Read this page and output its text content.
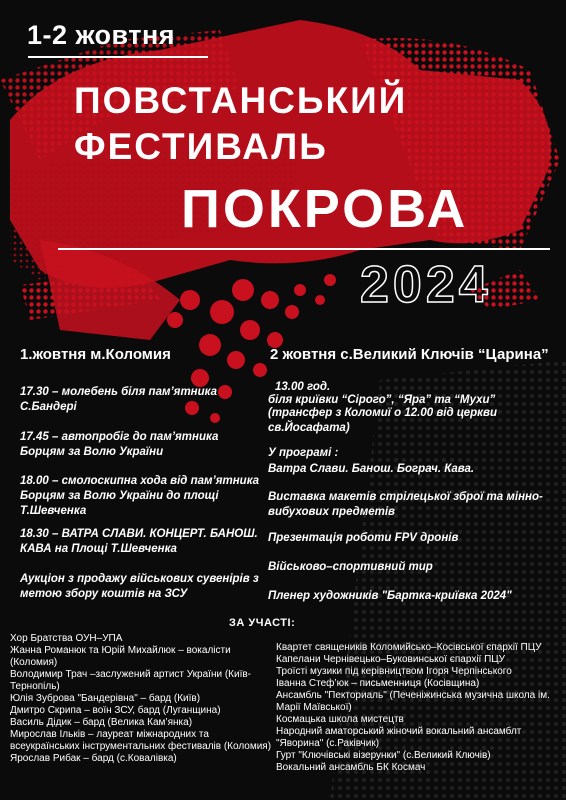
1-2 жовтня
ПОВСТАНСЬКИЙ
ФЕСТИВАЛЬ
ПОКРОВА
2024
1.жовтня м.Коломия
17.30 – молебень біля пам’ятника С.Бандері
17.45 – автопробіг до пам’ятника Борцям за Волю України
18.00 – смолоскипна хода від пам’ятника Борцям за Волю України до площі Т.Шевченка
18.30 – ВАТРА СЛАВИ. КОНЦЕРТ. БАНОШ. КАВА на Площі Т.Шевченка
Аукціон з продажу військових сувенірів з метою збору коштів на ЗСУ
2 жовтня с.Великий Ключів “Царина”
13.00 год.
біля криївки “Сірого”, “Яра” та “Мухи”
(трансфер з Коломиї о 12.00 від церкви св.Йосафата)
У програмі :
Ватра Слави. Банош. Бограч. Кава.
Виставка макетів стрілецької зброї та мінно-вибухових предметів
Презентація роботи FPV дронів
Військово–спортивний тир
Пленер художників "Бартка-криївка 2024"
ЗА УЧАСТІ:
Хор Братства ОУН–УПА
Жанна Романюк та Юрій Михайлюк – вокалісти (Коломия)
Володимир Трач –заслужений артист України (Київ-Тернопіль)
Юлія Зуброва "Бандерівна" – бард (Київ)
Дмитро Скрипа – воїн ЗСУ, бард (Луганщина)
Василь Дідик – бард (Велика Кам’янка)
Мирослав Ільків – лауреат міжнародних та всеукраїнських інструментальних фестивалів (Коломия)
Ярослав Рибак – бард (с.Ковалівка)
Квартет священиків Коломийсько–Косівської єпархії ПЦУ
Капелани Чернівецько–Буковинської єпархії ПЦУ
Троїсті музики під керівництвом Ігоря Черпінського
Іванна Стеф’юк – письменниця (Косівщина)
Ансамбль "Пекториаль" (Печеніжинська музична школа ім. Марії Маївської)
Космацька школа мистецтв
Народний аматорський жіночий вокальний ансамблт "Яворина" (с.Раківчик)
Гурт "Ключівські візерунки" (с.Великий Ключів)
Вокальний ансамбль БК Космач
